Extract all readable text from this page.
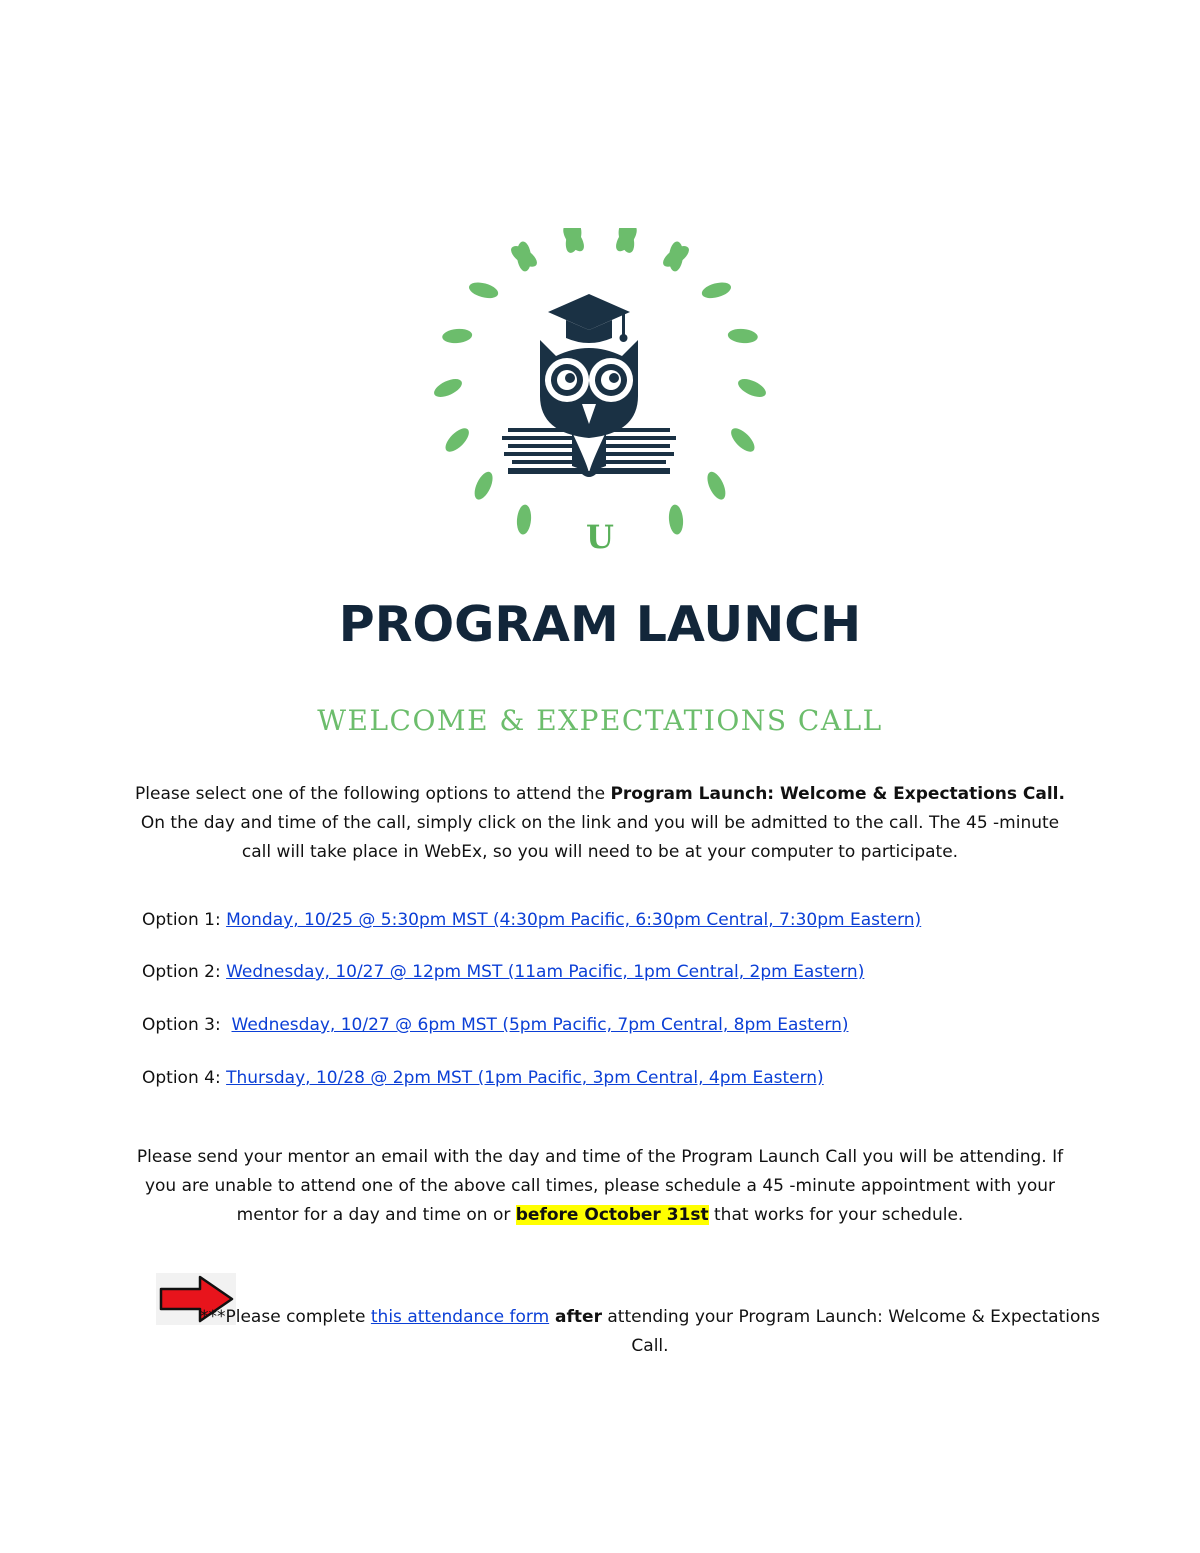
U
PROGRAM LAUNCH
WELCOME & EXPECTATIONS CALL
Please select one of the following options to attend the Program Launch: Welcome & Expectations Call. On the day and time of the call, simply click on the link and you will be admitted to the call. The 45 -minute call will take place in WebEx, so you will need to be at your computer to participate.
Option 1: Monday, 10/25 @ 5:30pm MST (4:30pm Pacific, 6:30pm Central, 7:30pm Eastern)
Option 2: Wednesday, 10/27 @ 12pm MST (11am Pacific, 1pm Central, 2pm Eastern)
Option 3:  Wednesday, 10/27 @ 6pm MST (5pm Pacific, 7pm Central, 8pm Eastern)
Option 4: Thursday, 10/28 @ 2pm MST (1pm Pacific, 3pm Central, 4pm Eastern)
Please send your mentor an email with the day and time of the Program Launch Call you will be attending. If you are unable to attend one of the above call times, please schedule a 45 -minute appointment with your mentor for a day and time on or before October 31st that works for your schedule.
***Please complete this attendance form after attending your Program Launch: Welcome & Expectations Call.
